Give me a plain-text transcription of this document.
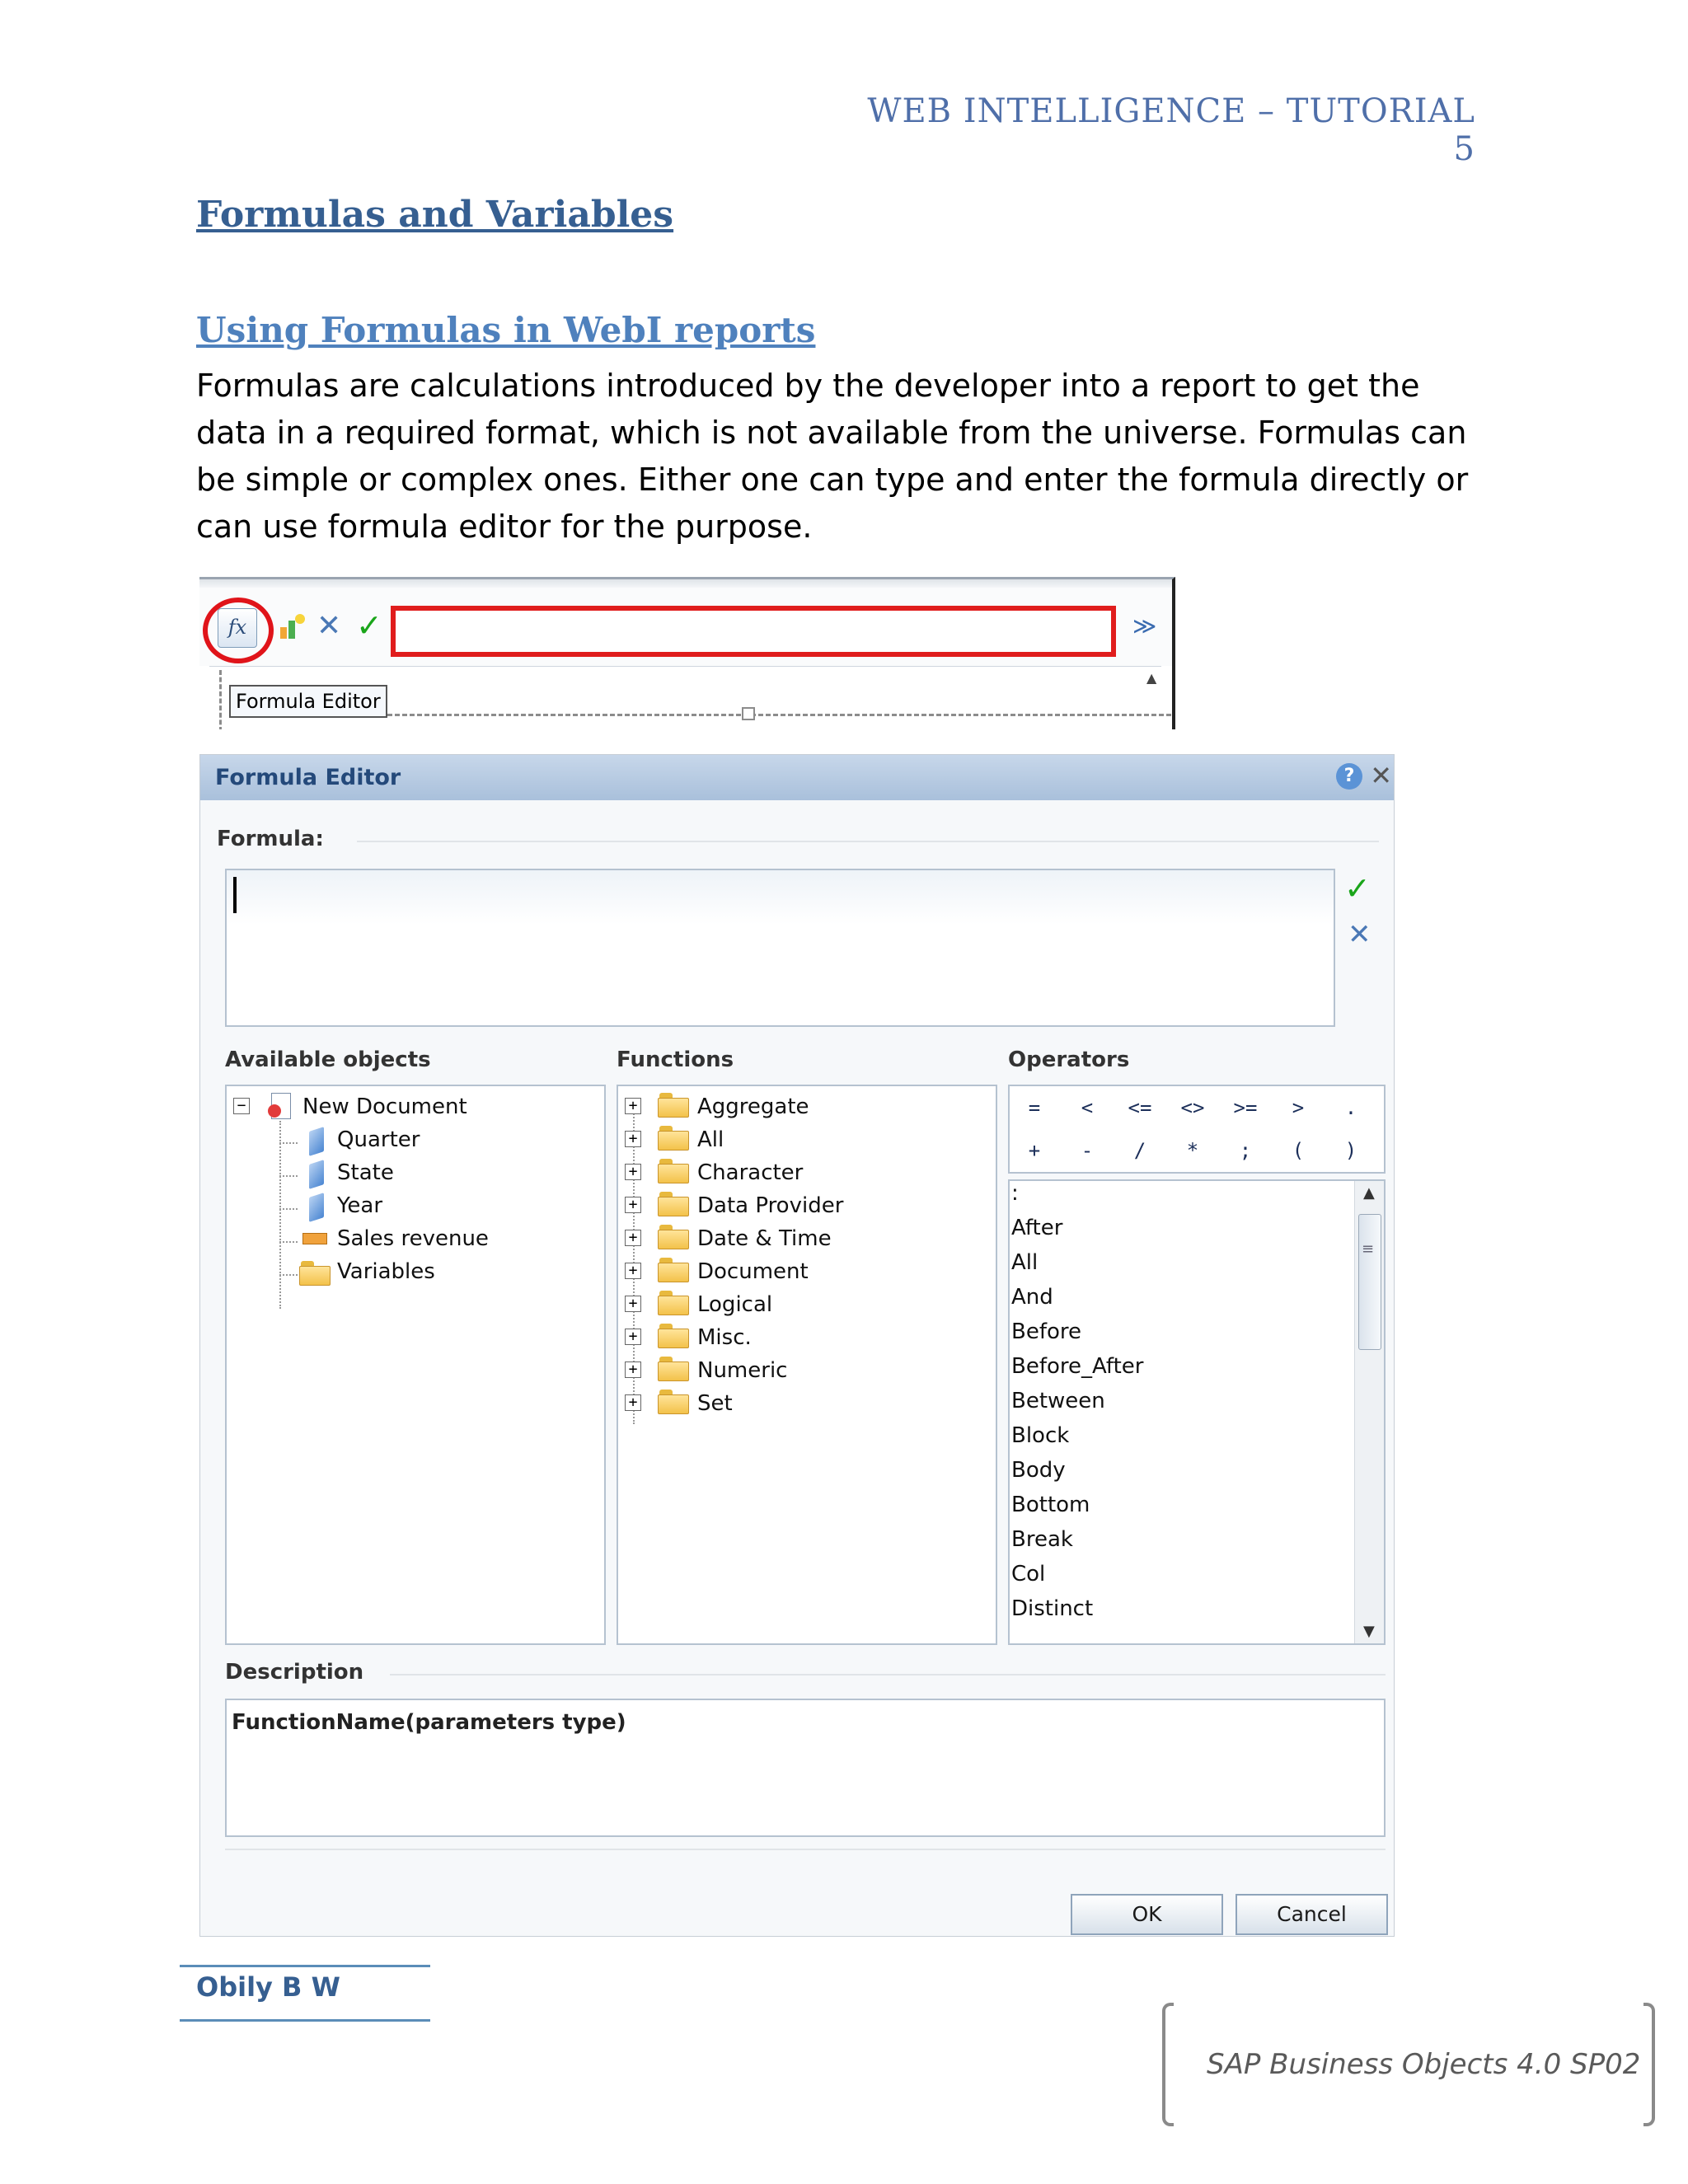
WEB INTELLIGENCE – TUTORIAL 5
Formulas and Variables
Using Formulas in WebI reports
Formulas are calculations introduced by the developer into a report to get the data in a required format, which is not available from the universe. Formulas can be simple or complex ones. Either one can type and enter the formula directly or can use formula editor for the purpose.
fx	✕ ✓	≫
Formula Editor
▲
Formula Editor	? ✕
Formula:
✓
✕
Available objects	Functions	Operators
−	New Document
Quarter
State
Year
Sales revenue
Variables
+	Aggregate
+	All
+	Character
+	Data Provider
+	Date & Time
+	Document
+	Logical
+	Misc.
+	Numeric
+	Set
=	<	<= <> >=	>	.
+	-	/	*	;	(	)
:
After
All
And
Before
Before_After
Between
Block
Body
Bottom
Break
Col
Distinct
▲
≡
▼
Description
FunctionName(parameters type)
OK	Cancel
Obily B W
SAP Business Objects 4.0 SP02
